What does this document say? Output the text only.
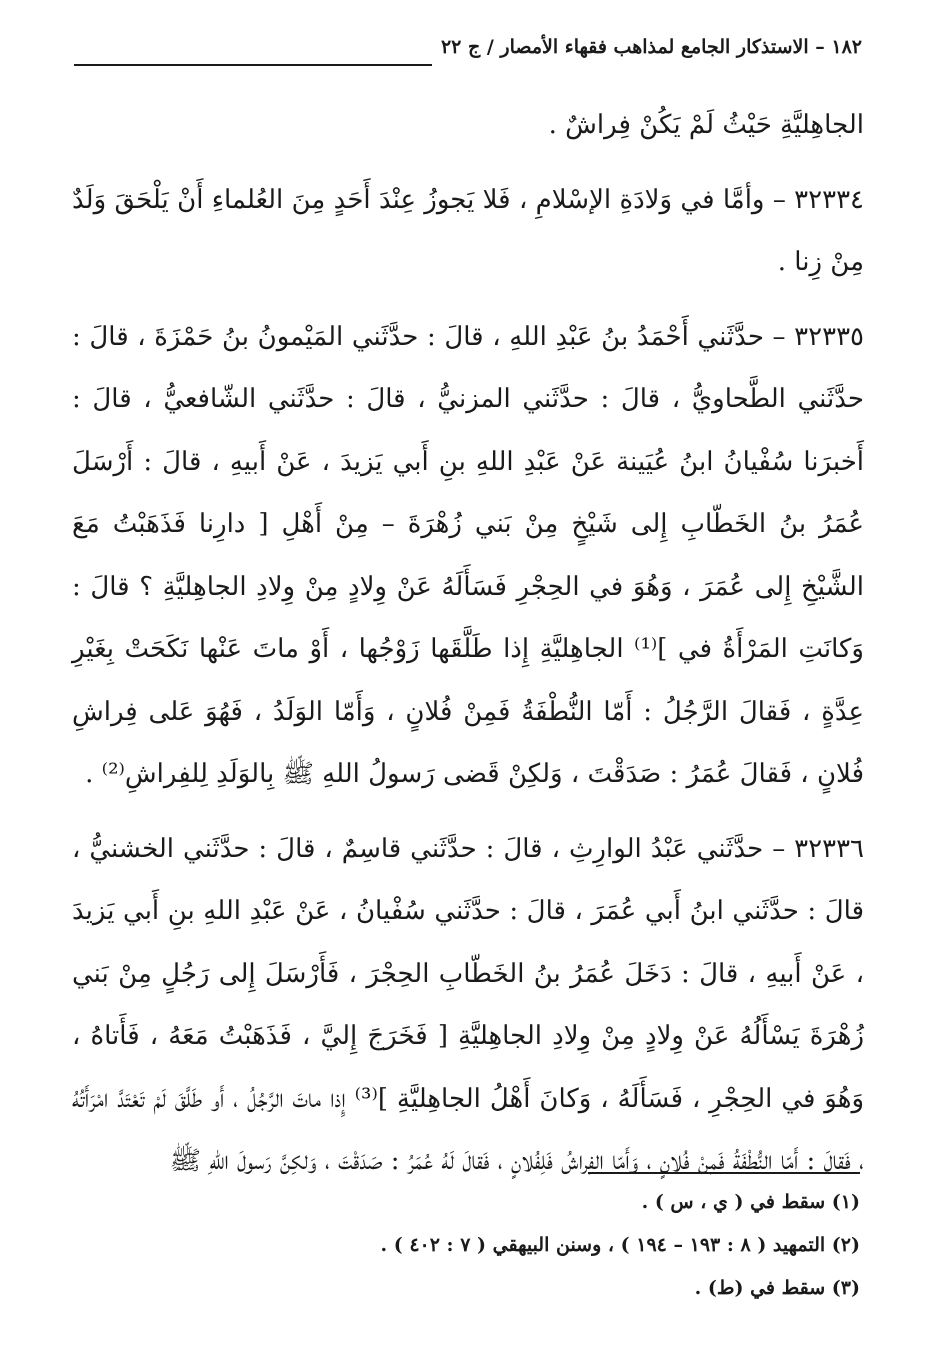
١٨٢ – الاستذكار الجامع لمذاهب فقهاء الأمصار / ج ٢٢

الجاهِليَّةِ حَيْثُ لَمْ يَكُنْ فِراشٌ .

٣٢٣٣٤ – وأمَّا في وَلادَةِ الإسْلامِ ، فَلا يَجوزُ عِنْدَ أَحَدٍ مِنَ العُلماءِ أَنْ يَلْحَقَ وَلَدٌ مِنْ زِنا .

٣٢٣٣٥ – حدَّثَني أَحْمَدُ بنُ عَبْدِ اللهِ ، قالَ : حدَّثَني المَيْمونُ بنُ حَمْزَةَ ، قالَ : حدَّثَني الطَّحاويُّ ، قالَ : حدَّثَني المزنيُّ ، قالَ : حدَّثَني الشّافعيُّ ، قالَ : أَخبرَنا سُفْيانُ ابنُ عُيَينة عَنْ عَبْدِ اللهِ بنِ أَبي يَزيدَ ، عَنْ أَبيهِ ، قالَ : أَرْسَلَ عُمَرُ بنُ الخَطّابِ إِلى شَيْخٍ مِنْ بَني زُهْرَةَ – مِنْ أَهْلِ [ دارِنا فَذَهَبْتُ مَعَ الشَّيْخِ إِلى عُمَرَ ، وَهُوَ في الحِجْرِ فَسَأَلَهُ عَنْ وِلادٍ مِنْ وِلادِ الجاهِليَّةِ ؟ قالَ : وَكانَتِ المَرْأَةُ في ]⁽¹⁾ الجاهِليَّةِ إِذا طَلَّقَها زَوْجُها ، أَوْ ماتَ عَنْها نَكَحَتْ بِغَيْرِ عِدَّةٍ ، فَقالَ الرَّجُلُ : أَمّا النُّطْفَةُ فَمِنْ فُلانٍ ، وَأَمّا الوَلَدُ ، فَهُوَ عَلى فِراشِ فُلانٍ ، فَقالَ عُمَرُ : صَدَقْتَ ، وَلكِنْ قَضى رَسولُ اللهِ ﷺ بِالوَلَدِ لِلفِراشِ⁽²⁾ .

٣٢٣٣٦ – حدَّثَني عَبْدُ الوارِثِ ، قالَ : حدَّثَني قاسِمٌ ، قالَ : حدَّثَني الخشنيُّ ، قالَ : حدَّثَني ابنُ أَبي عُمَرَ ، قالَ : حدَّثَني سُفْيانُ ، عَنْ عَبْدِ اللهِ بنِ أَبي يَزيدَ ، عَنْ أَبيهِ ، قالَ : دَخَلَ عُمَرُ بنُ الخَطّابِ الحِجْرَ ، فَأَرْسَلَ إِلى رَجُلٍ مِنْ بَني زُهْرَةَ يَسْأَلُهُ عَنْ وِلادٍ مِنْ وِلادِ الجاهِليَّةِ [ فَخَرَجَ إِليَّ ، فَذَهَبْتُ مَعَهُ ، فَأَتاهُ ، وَهُوَ في الحِجْرِ ، فَسَأَلَهُ ، وَكانَ أَهْلُ الجاهِليَّةِ ]⁽³⁾ إِذا ماتَ الرَّجُلُ ، أَو طَلَّقَ لَمْ تَعْتَدَّ امْرَأَتُهُ ، فَقالَ : أَمّا النُّطْفَةُ فَمِنْ فُلانٍ ، وَأَمّا الفِراشُ فَلِفُلانٍ ، فَقالَ لَهُ عُمَرُ : صَدَقْتَ ، وَلكِنَّ رَسولَ اللهِ ﷺ

(١) سقط في ( ي ، س ) .

(٢) التمهيد ( ٨ : ١٩٣ – ١٩٤ ) ، وسنن البيهقي ( ٧ : ٤٠٢ ) .

(٣) سقط في (ط) .
